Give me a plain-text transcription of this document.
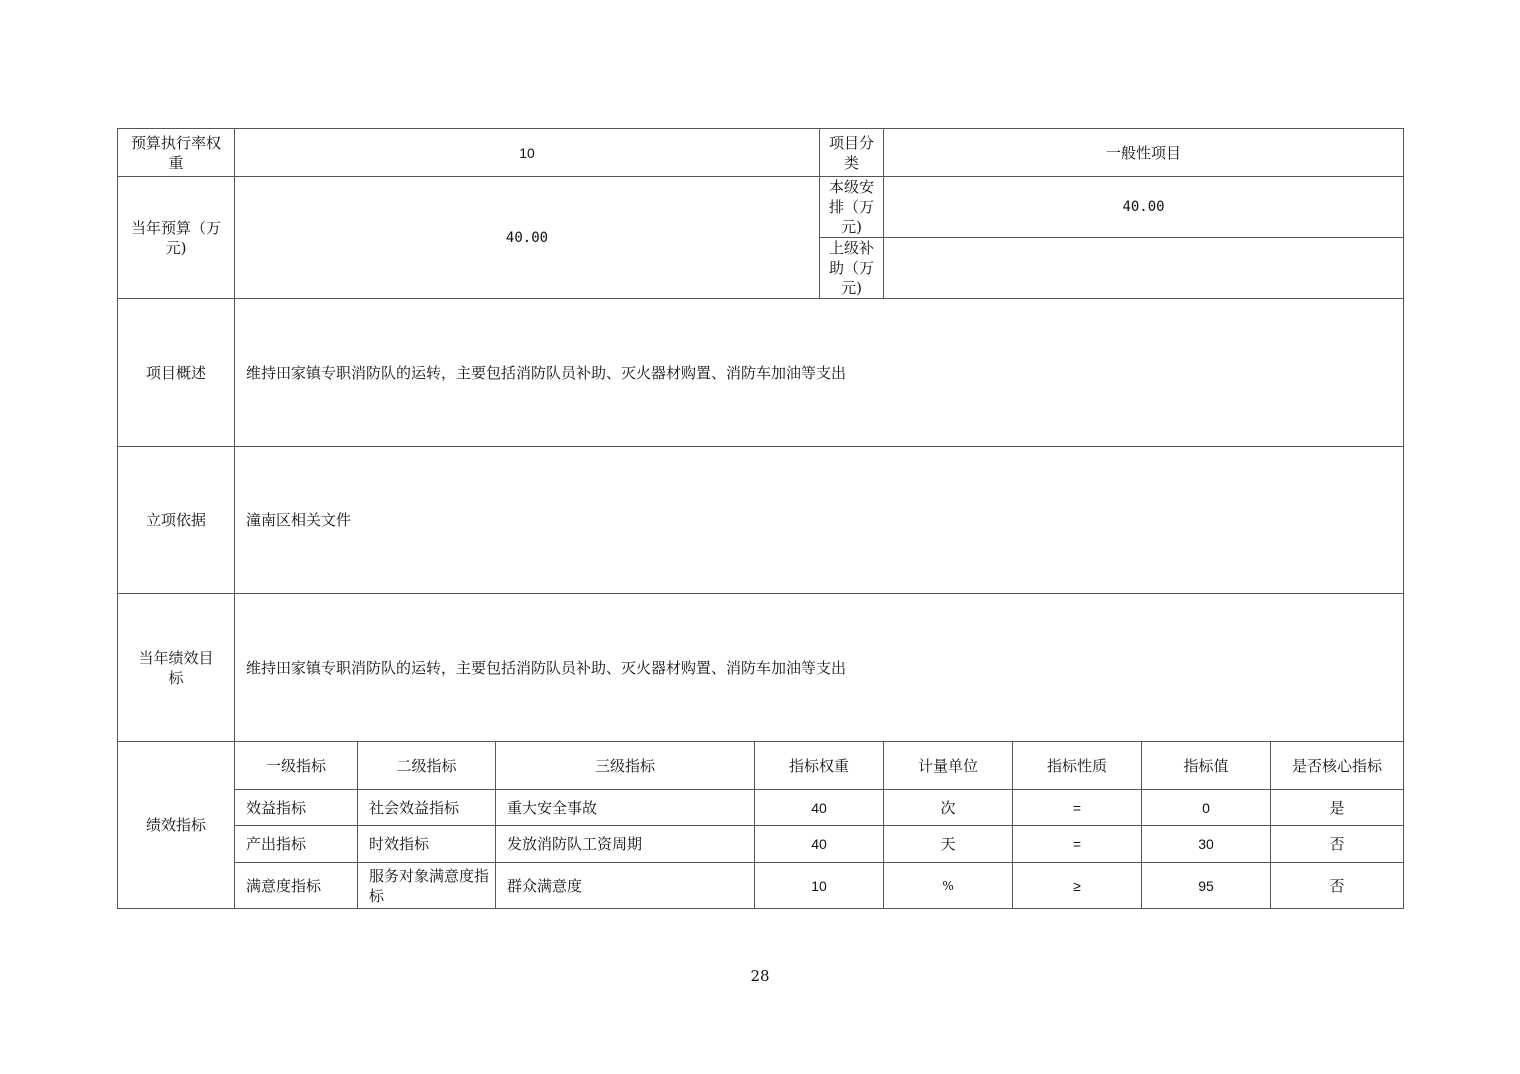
预算执行率权重	10				项目分类	一般性项目			
当年预算（万元)	40.00				本级安排（万元)	40.00			
					上级补助（万元)				
项目概述	维持田家镇专职消防队的运转，主要包括消防队员补助、灭火器材购置、消防车加油等支出								
立项依据	潼南区相关文件								
当年绩效目标	维持田家镇专职消防队的运转，主要包括消防队员补助、灭火器材购置、消防车加油等支出								
绩效指标	一级指标	二级指标	三级指标	指标权重		计量单位	指标性质	指标值	是否核心指标
	效益指标	社会效益指标	重大安全事故	40		次	=	0	是
	产出指标	时效指标	发放消防队工资周期	40		天	=	30	否
	满意度指标	服务对象满意度指标	群众满意度	10		%	≥	95	否
28
